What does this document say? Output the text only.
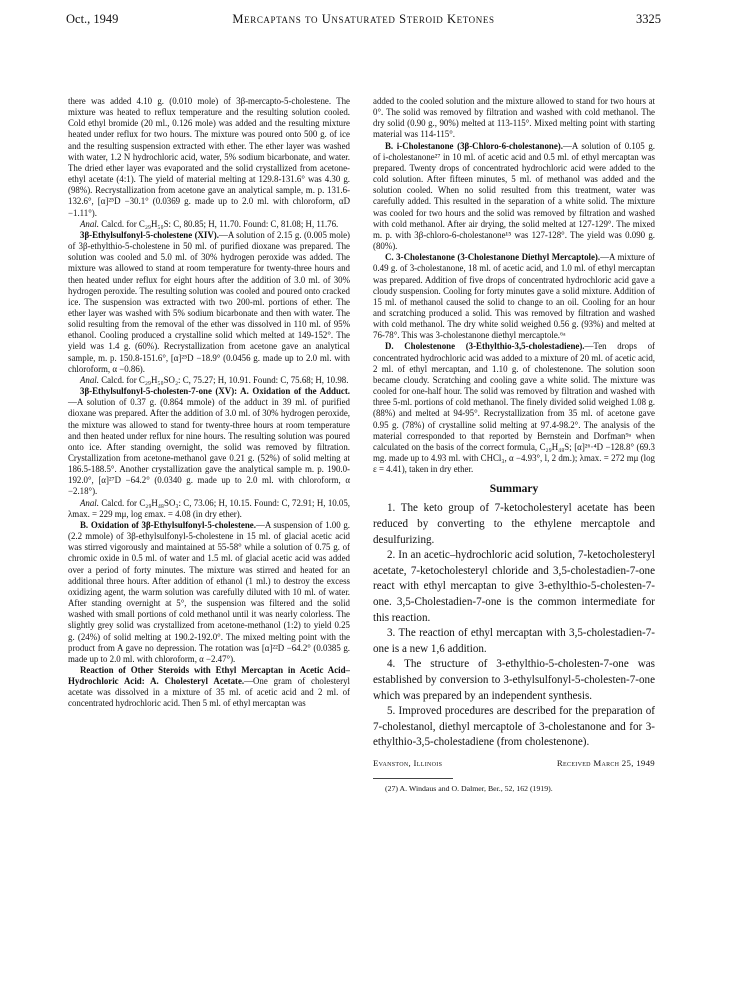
Oct., 1949	Mercaptans to Unsaturated Steroid Ketones	3325

there was added 4.10 g. (0.010 mole) of 3β-mercapto-5-cholestene. The mixture was heated to reflux temperature and the resulting solution cooled. Cold ethyl bromide (20 ml., 0.126 mole) was added and the resulting mixture heated under reflux for two hours. The mixture was poured onto 500 g. of ice and the resulting suspension extracted with ether. The ether layer was washed with water, 1.2 N hydrochloric acid, water, 5% sodium bicarbonate, and water. The dried ether layer was evaporated and the solid crystallized from acetone-ethyl acetate (4:1). The yield of material melting at 129.8-131.6° was 4.30 g. (98%). Recrystallization from acetone gave an analytical sample, m. p. 131.6-132.6°, [α]²⁵D −30.1° (0.0369 g. made up to 2.0 ml. with chloroform, αD −1.11°).

Anal. Calcd. for C₂₉H₅₀S: C, 80.85; H, 11.70. Found: C, 81.08; H, 11.76.

3β-Ethylsulfonyl-5-cholestene (XIV).—A solution of 2.15 g. (0.005 mole) of 3β-ethylthio-5-cholestene in 50 ml. of purified dioxane was prepared. The solution was cooled and 5.0 ml. of 30% hydrogen peroxide was added. The mixture was allowed to stand at room temperature for twenty-three hours and then heated under reflux for eight hours after the addition of 3.0 ml. of 30% hydrogen peroxide. The resulting solution was cooled and poured onto cracked ice. The suspension was extracted with two 200-ml. portions of ether. The ether layer was washed with 5% sodium bicarbonate and then with water. The solid resulting from the removal of the ether was dissolved in 110 ml. of 95% ethanol. Cooling produced a crystalline solid which melted at 149-152°. The yield was 1.4 g. (60%). Recrystallization from acetone gave an analytical sample, m. p. 150.8-151.6°, [α]²⁵D −18.9° (0.0456 g. made up to 2.0 ml. with chloroform, α −0.86).

Anal. Calcd. for C₂₉H₅₀SO₂: C, 75.27; H, 10.91. Found: C, 75.68; H, 10.98.

3β-Ethylsulfonyl-5-cholesten-7-one (XV): A. Oxidation of the Adduct.—A solution of 0.37 g. (0.864 mmole) of the adduct in 39 ml. of purified dioxane was prepared. After the addition of 3.0 ml. of 30% hydrogen peroxide, the mixture was allowed to stand for twenty-three hours at room temperature and then heated under reflux for nine hours. The resulting solution was poured onto ice. After standing overnight, the solid was removed by filtration. Crystallization from acetone-methanol gave 0.21 g. (52%) of solid melting at 186.5-188.5°. Another crystallization gave the analytical sample m. p. 190.0-192.0°, [α]²⁷D −64.2° (0.0340 g. made up to 2.0 ml. with chloroform, α −2.18°).

Anal. Calcd. for C₂₉H₄₈SO₃: C, 73.06; H, 10.15. Found: C, 72.91; H, 10.05, λmax. = 229 mμ, log εmax. = 4.08 (in dry ether).

B. Oxidation of 3β-Ethylsulfonyl-5-cholestene.—A suspension of 1.00 g. (2.2 mmole) of 3β-ethylsulfonyl-5-cholestene in 15 ml. of glacial acetic acid was stirred vigorously and maintained at 55-58° while a solution of 0.75 g. of chromic oxide in 0.5 ml. of water and 1.5 ml. of glacial acetic acid was added over a period of forty minutes. The mixture was stirred and heated for an additional three hours. After addition of ethanol (1 ml.) to destroy the excess oxidizing agent, the warm solution was carefully diluted with 10 ml. of water. After standing overnight at 5°, the suspension was filtered and the solid washed with small portions of cold methanol until it was nearly colorless. The slightly grey solid was crystallized from acetone-methanol (1:2) to yield 0.25 g. (24%) of solid melting at 190.2-192.0°. The mixed melting point with the product from A gave no depression. The rotation was [α]²²D −64.2° (0.0385 g. made up to 2.0 ml. with chloroform, α −2.47°).

Reaction of Other Steroids with Ethyl Mercaptan in Acetic Acid–Hydrochloric Acid: A. Cholesteryl Acetate.—One gram of cholesteryl acetate was dissolved in a mixture of 35 ml. of acetic acid and 2 ml. of concentrated hydrochloric acid. Then 5 ml. of ethyl mercaptan was

added to the cooled solution and the mixture allowed to stand for two hours at 0°. The solid was removed by filtration and washed with cold methanol. The dry solid (0.90 g., 90%) melted at 113-115°. Mixed melting point with starting material was 114-115°.

B. i-Cholestanone (3β-Chloro-6-cholestanone).—A solution of 0.105 g. of i-cholestanone²⁷ in 10 ml. of acetic acid and 0.5 ml. of ethyl mercaptan was prepared. Twenty drops of concentrated hydrochloric acid were added to the cold solution. After fifteen minutes, 5 ml. of methanol was added and the solution cooled. When no solid resulted from this treatment, water was carefully added. This resulted in the separation of a white solid. The mixture was cooled for two hours and the solid was removed by filtration and washed with cold methanol. After air drying, the solid melted at 127-129°. The mixed m. p. with 3β-chloro-6-cholestanone¹⁵ was 127-128°. The yield was 0.090 g. (80%).

C. 3-Cholestanone (3-Cholestanone Diethyl Mercaptole).—A mixture of 0.49 g. of 3-cholestanone, 18 ml. of acetic acid, and 1.0 ml. of ethyl mercaptan was prepared. Addition of five drops of concentrated hydrochloric acid gave a cloudy suspension. Cooling for forty minutes gave a solid mixture. Addition of 15 ml. of methanol caused the solid to change to an oil. Cooling for an hour and scratching produced a solid. This was removed by filtration and washed with cold methanol. The dry white solid weighed 0.56 g. (93%) and melted at 76-78°. This was 3-cholestanone diethyl mercaptole.⁶ᵃ

D. Cholestenone (3-Ethylthio-3,5-cholestadiene).—Ten drops of concentrated hydrochloric acid was added to a mixture of 20 ml. of acetic acid, 2 ml. of ethyl mercaptan, and 1.10 g. of cholestenone. The solution soon became cloudy. Scratching and cooling gave a white solid. The mixture was cooled for one-half hour. The solid was removed by filtration and washed with three 5-ml. portions of cold methanol. The finely divided solid weighed 1.08 g. (88%) and melted at 94-95°. Recrystallization from 35 ml. of acetone gave 0.95 g. (78%) of crystalline solid melting at 97.4-98.2°. The analysis of the material corresponded to that reported by Bernstein and Dorfman⁹ᵃ when calculated on the basis of the correct formula, C₂₉H₄₈S; [α]²⁶·⁴D −128.8° (69.3 mg. made up to 4.93 ml. with CHCl₃, α −4.93°, l, 2 dm.); λmax. = 272 mμ (log ε = 4.41), taken in dry ether.

Summary

1. The keto group of 7-ketocholesteryl acetate has been reduced by converting to the ethylene mercaptole and desulfurizing.

2. In an acetic–hydrochloric acid solution, 7-ketocholesteryl acetate, 7-ketocholesteryl chloride and 3,5-cholestadien-7-one react with ethyl mercaptan to give 3-ethylthio-5-cholesten-7-one. 3,5-Cholestadien-7-one is the common intermediate for this reaction.

3. The reaction of ethyl mercaptan with 3,5-cholestadien-7-one is a new 1,6 addition.

4. The structure of 3-ethylthio-5-cholesten-7-one was established by conversion to 3-ethylsulfonyl-5-cholesten-7-one which was prepared by an independent synthesis.

5. Improved procedures are described for the preparation of 7-cholestanol, diethyl mercaptole of 3-cholestanone and for 3-ethylthio-3,5-cholestadiene (from cholestenone).

Evanston, Illinois	Received March 25, 1949

(27) A. Windaus and O. Dalmer, Ber., 52, 162 (1919).
